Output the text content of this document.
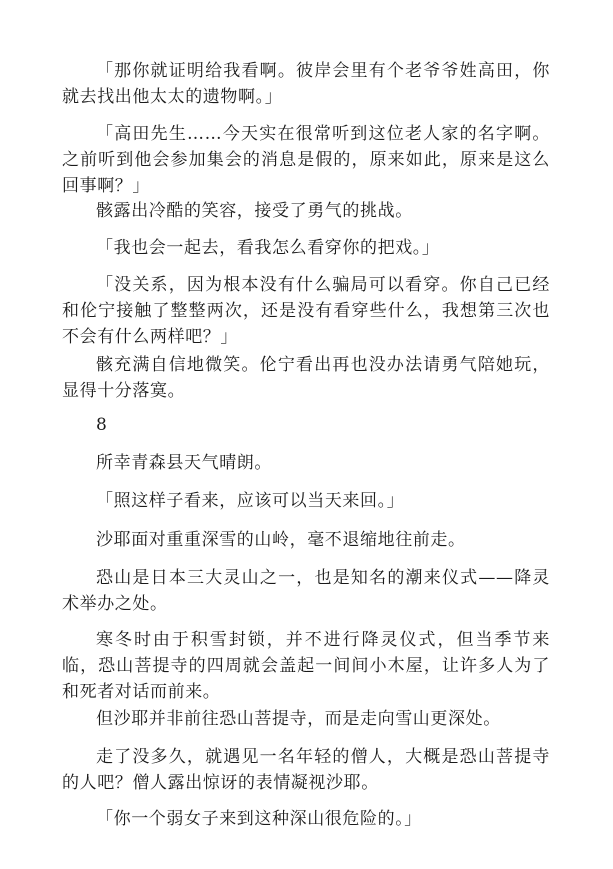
「那你就证明给我看啊。彼岸会里有个老爷爷姓高田，你就去找出他太太的遗物啊。」

「高田先生……今天实在很常听到这位老人家的名字啊。之前听到他会参加集会的消息是假的，原来如此，原来是这么回事啊？」

骸露出冷酷的笑容，接受了勇气的挑战。

「我也会一起去，看我怎么看穿你的把戏。」

「没关系，因为根本没有什么骗局可以看穿。你自己已经和伦宁接触了整整两次，还是没有看穿些什么，我想第三次也不会有什么两样吧？」

骸充满自信地微笑。伦宁看出再也没办法请勇气陪她玩，显得十分落寞。

8

所幸青森县天气晴朗。

「照这样子看来，应该可以当天来回。」

沙耶面对重重深雪的山岭，毫不退缩地往前走。

恐山是日本三大灵山之一，也是知名的潮来仪式——降灵术举办之处。

寒冬时由于积雪封锁，并不进行降灵仪式，但当季节来临，恐山菩提寺的四周就会盖起一间间小木屋，让许多人为了和死者对话而前来。

但沙耶并非前往恐山菩提寺，而是走向雪山更深处。

走了没多久，就遇见一名年轻的僧人，大概是恐山菩提寺的人吧？僧人露出惊讶的表情凝视沙耶。

「你一个弱女子来到这种深山很危险的。」
